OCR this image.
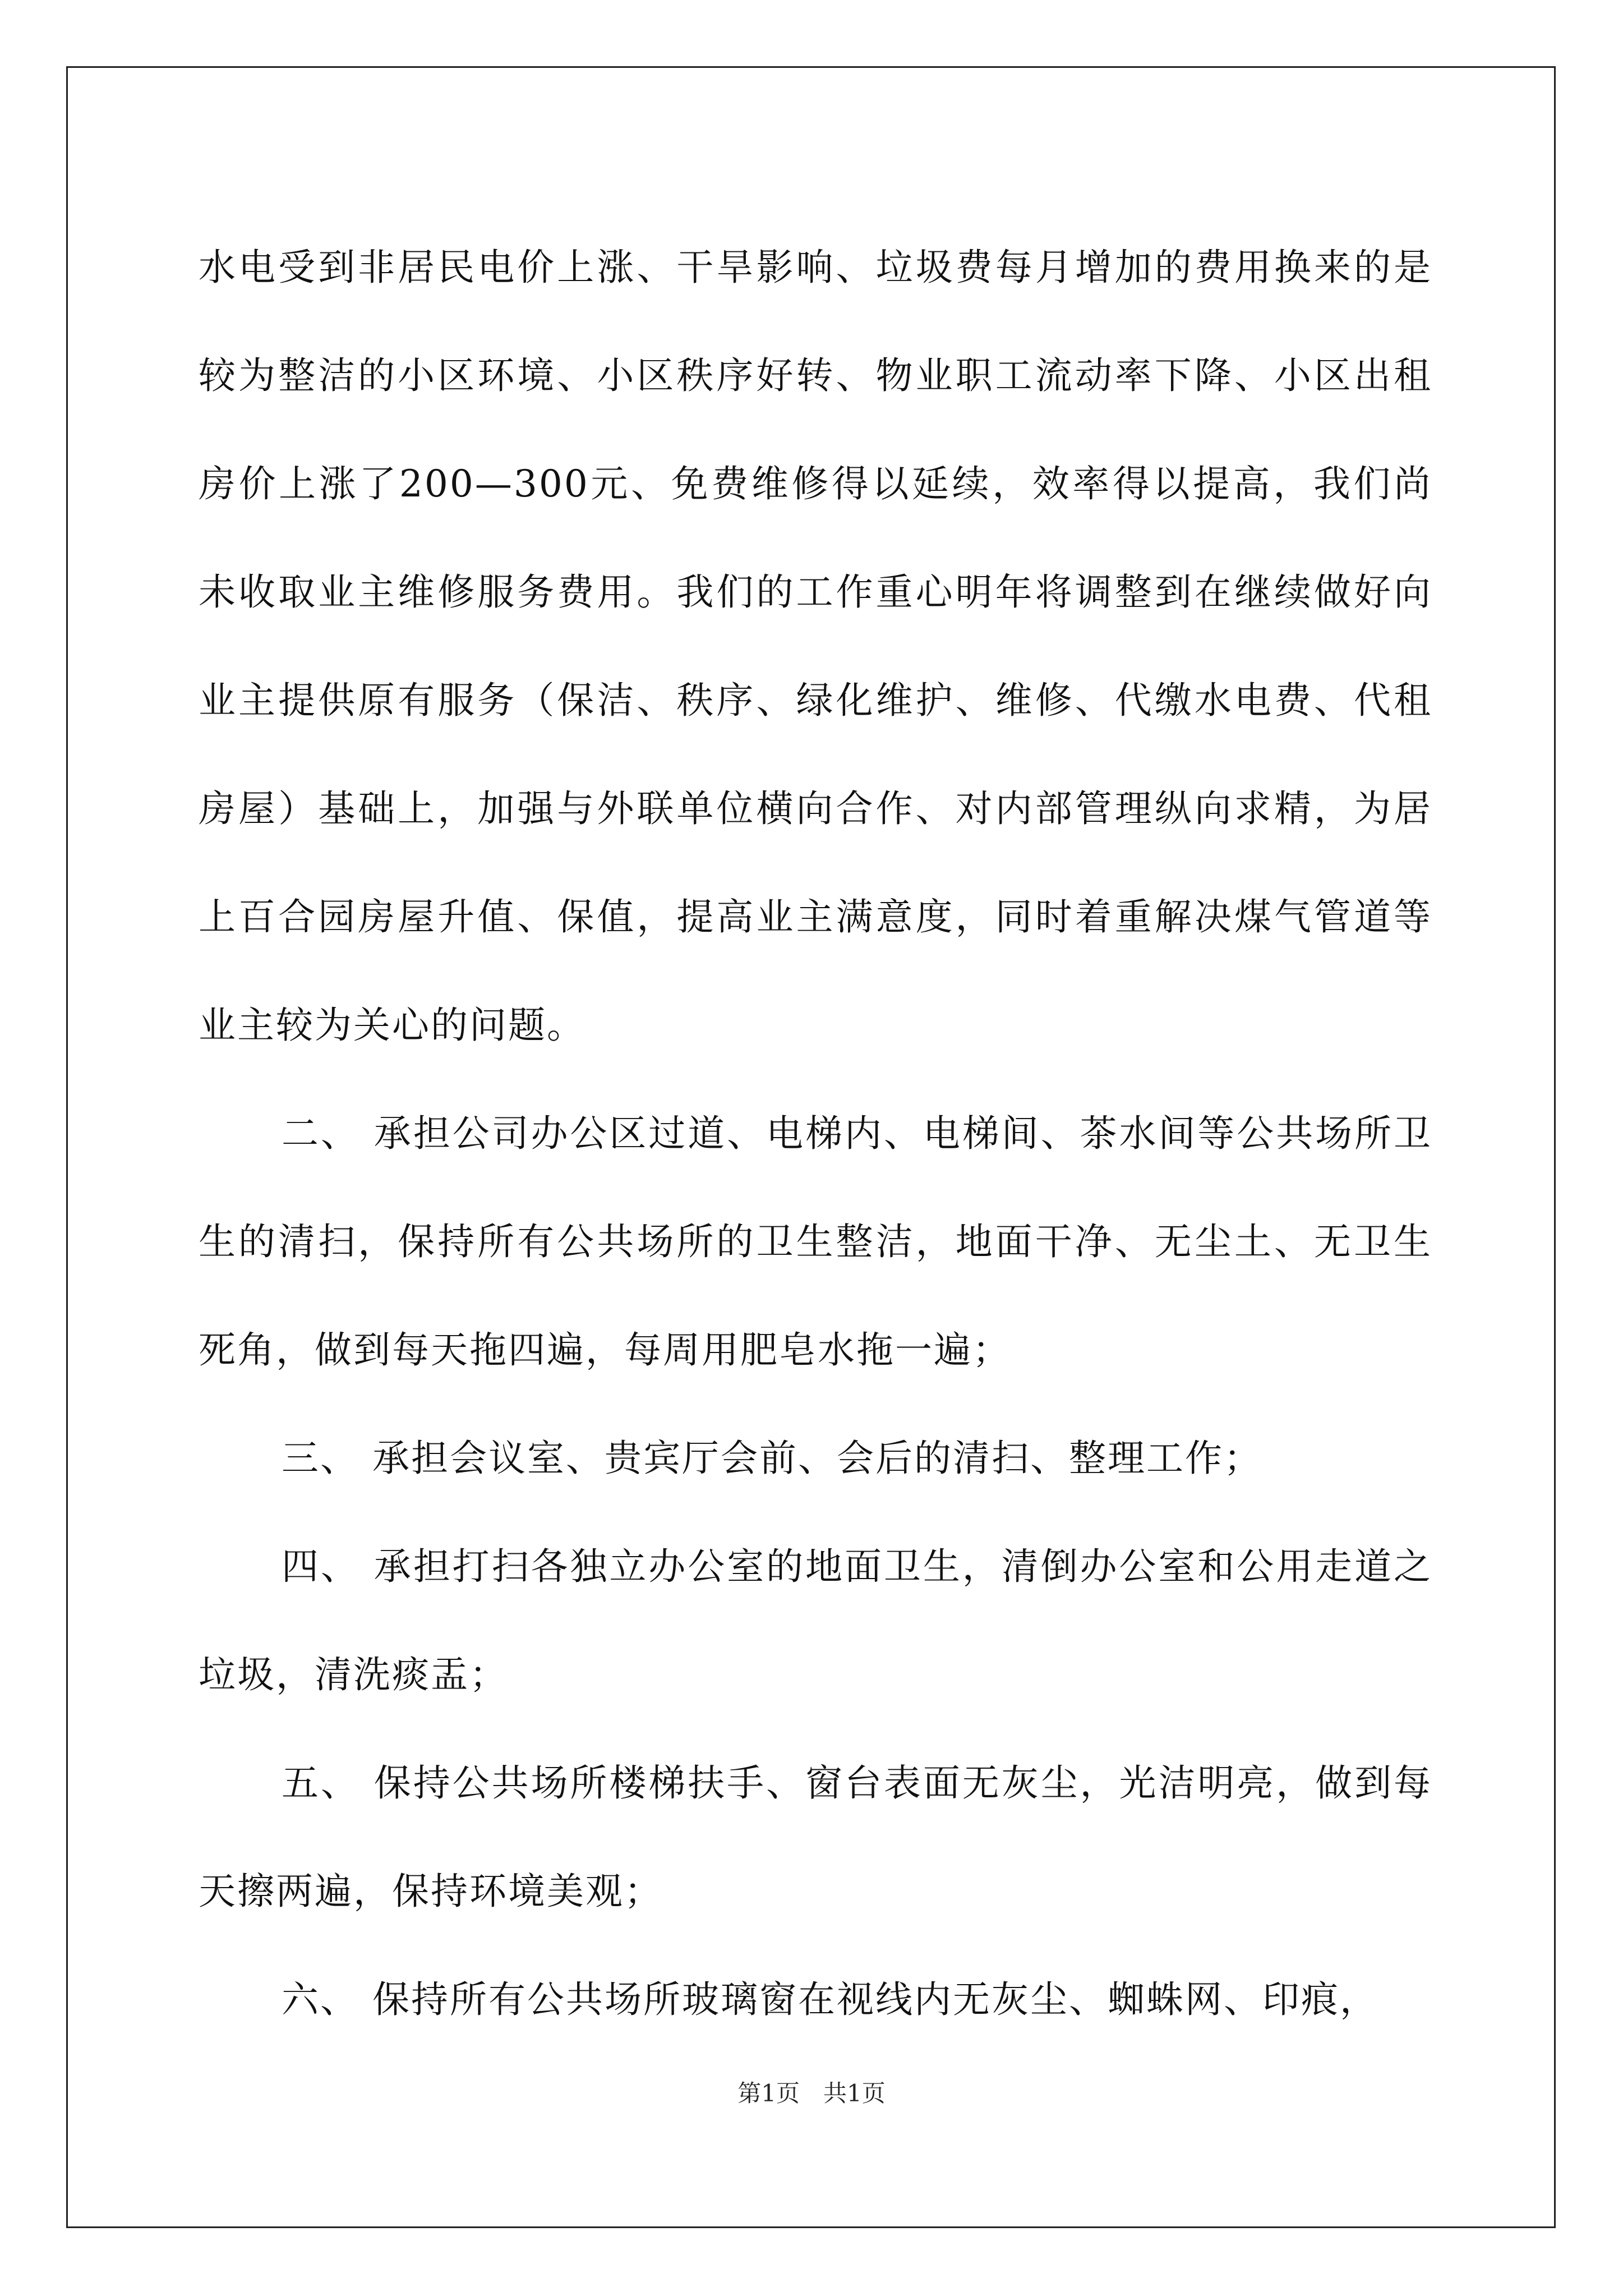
水电受到非居民电价上涨、干旱影响、垃圾费每月增加的费用换来的是较为整洁的小区环境、小区秩序好转、物业职工流动率下降、小区出租房价上涨了200—300元、免费维修得以延续，效率得以提高，我们尚未收取业主维修服务费用。我们的工作重心明年将调整到在继续做好向业主提供原有服务（保洁、秩序、绿化维护、维修、代缴水电费、代租房屋）基础上，加强与外联单位横向合作、对内部管理纵向求精，为居上百合园房屋升值、保值，提高业主满意度，同时着重解决煤气管道等业主较为关心的问题。

二、 承担公司办公区过道、电梯内、电梯间、茶水间等公共场所卫生的清扫，保持所有公共场所的卫生整洁，地面干净、无尘土、无卫生死角，做到每天拖四遍，每周用肥皂水拖一遍；

三、 承担会议室、贵宾厅会前、会后的清扫、整理工作；

四、 承担打扫各独立办公室的地面卫生，清倒办公室和公用走道之垃圾，清洗痰盂；

五、 保持公共场所楼梯扶手、窗台表面无灰尘，光洁明亮，做到每天擦两遍，保持环境美观；

六、 保持所有公共场所玻璃窗在视线内无灰尘、蜘蛛网、印痕，

第1页　共1页
